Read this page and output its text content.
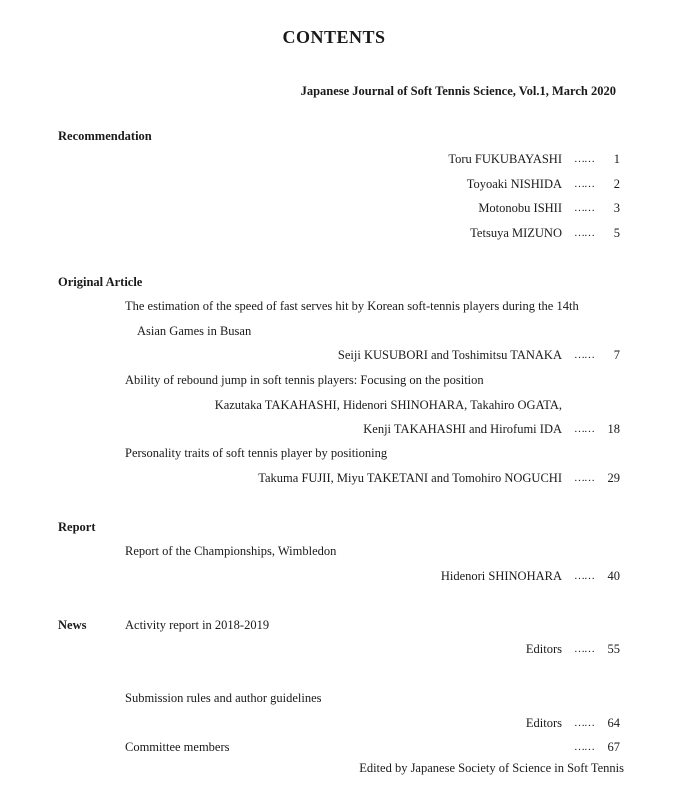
CONTENTS
Japanese Journal of Soft Tennis Science, Vol.1, March 2020
Recommendation
Toru FUKUBAYASHI ……	1
Toyoaki NISHIDA ……	2
Motonobu ISHII ……	3
Tetsuya MIZUNO ……	5
Original Article
The estimation of the speed of fast serves hit by Korean soft-tennis players during the 14th
Asian Games in Busan
Seiji KUSUBORI and Toshimitsu TANAKA ……	7
Ability of rebound jump in soft tennis players: Focusing on the position
Kazutaka TAKAHASHI, Hidenori SHINOHARA, Takahiro OGATA,
Kenji TAKAHASHI and Hirofumi IDA ……	18
Personality traits of soft tennis player by positioning
Takuma FUJII, Miyu TAKETANI and Tomohiro NOGUCHI ……	29
Report
Report of the Championships, Wimbledon
Hidenori SHINOHARA ……	40
News	Activity report in 2018-2019
Editors ……	55
Submission rules and author guidelines
Editors ……	64
Committee members	……	67
Edited by Japanese Society of Science in Soft Tennis
